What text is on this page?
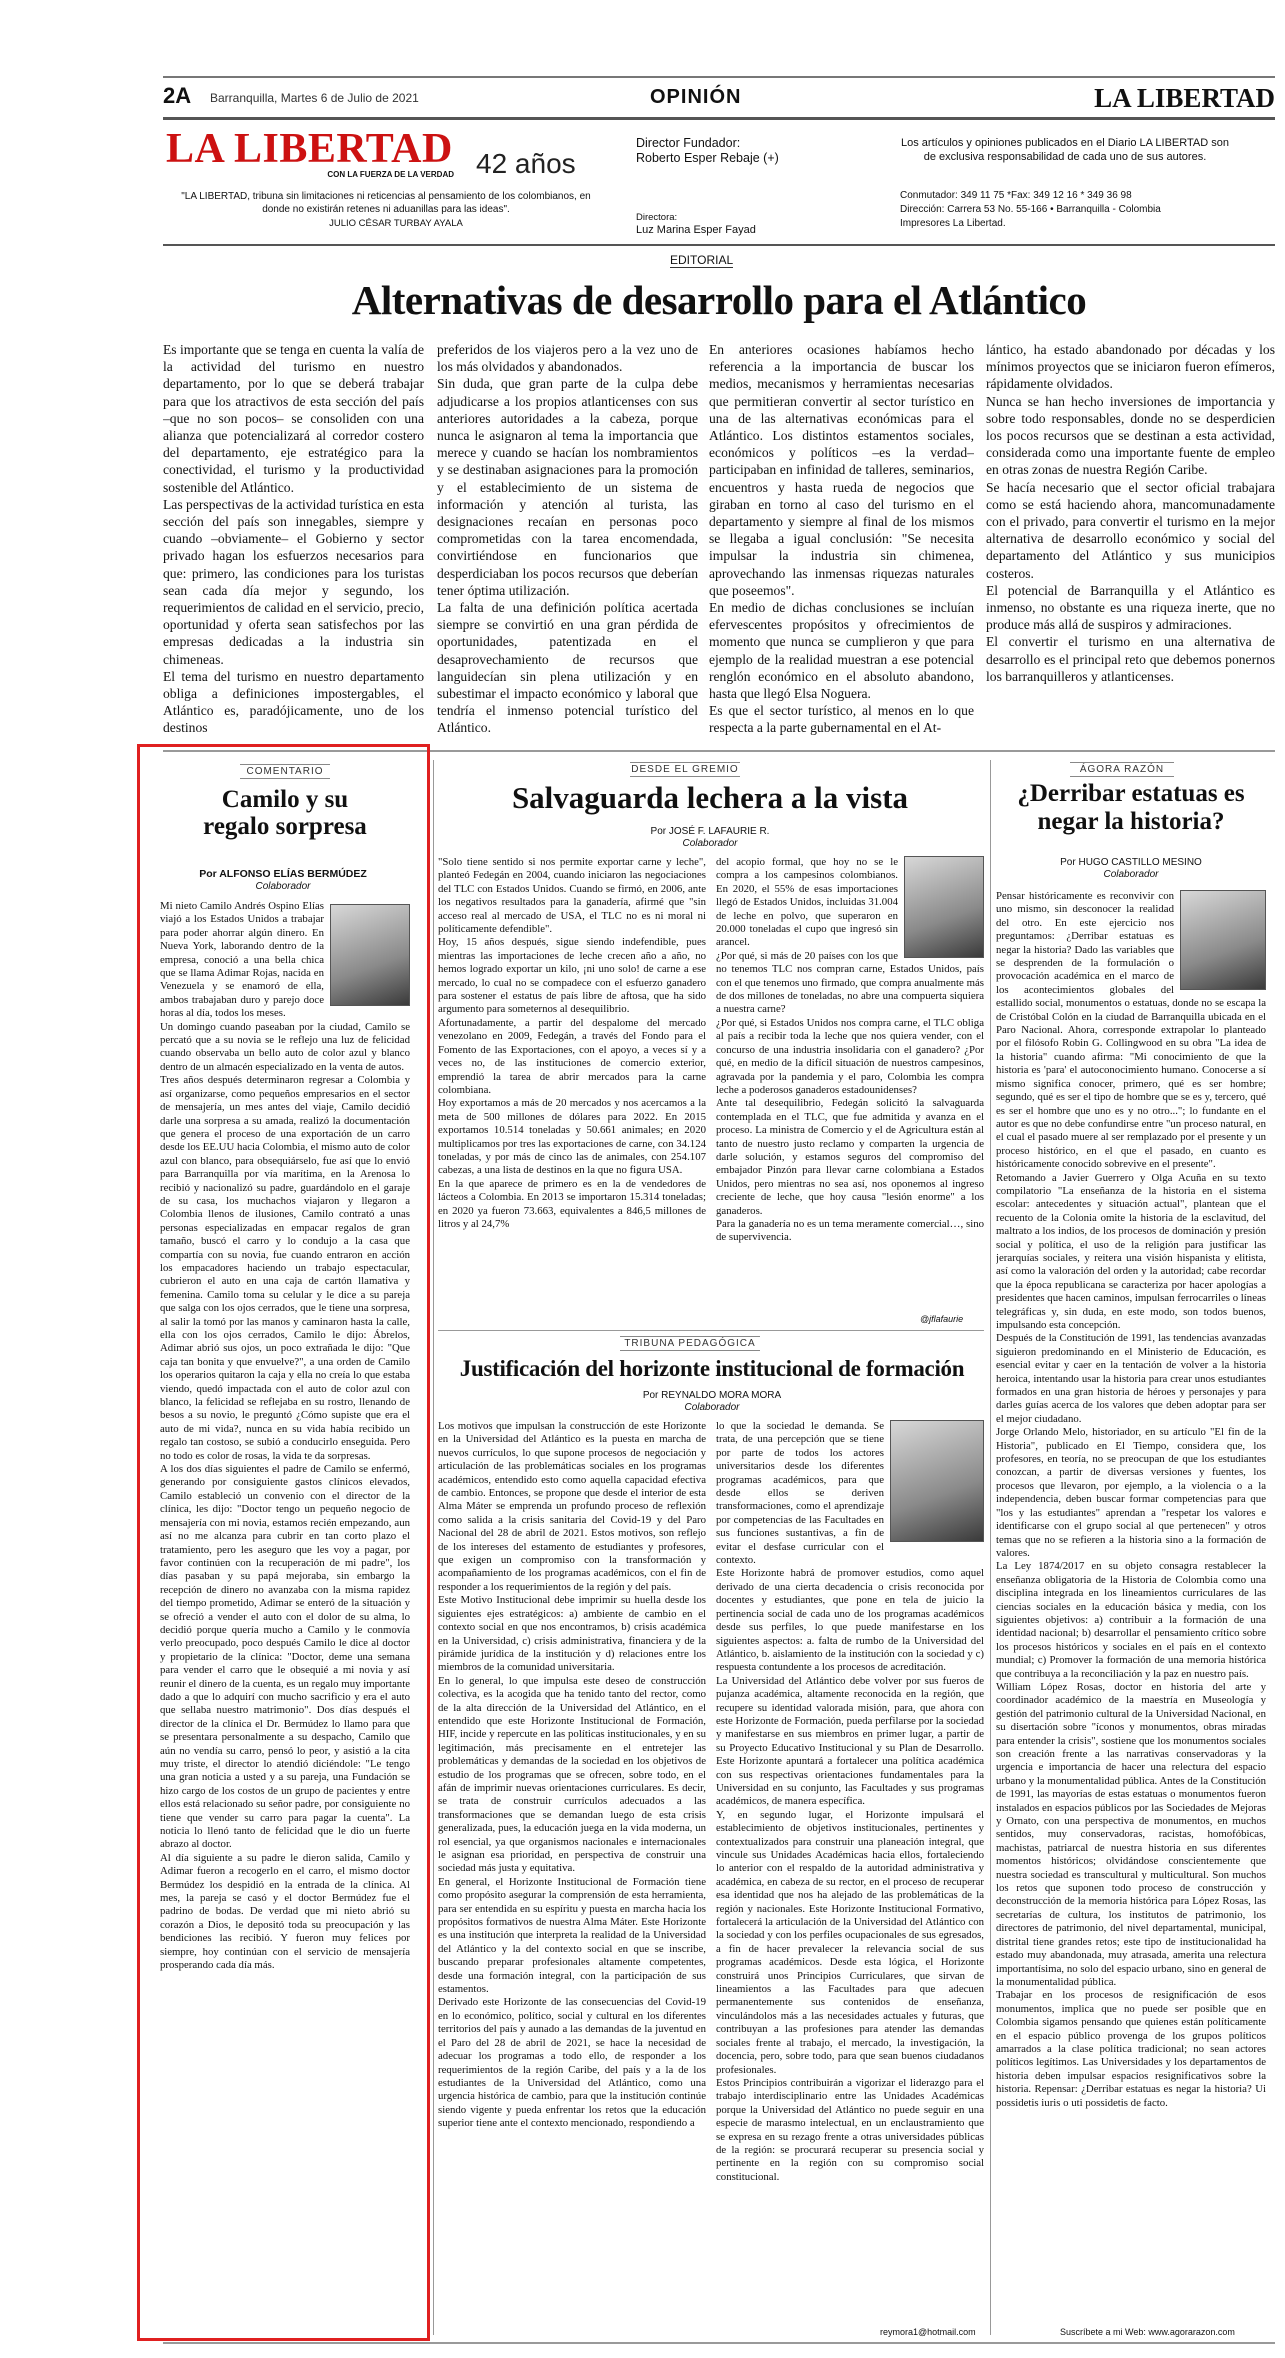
2A Barranquilla, Martes 6 de Julio de 2021	OPINIÓN	LA LIBERTAD
LA LIBERTAD
CON LA FUERZA DE LA VERDAD 42 años
"LA LIBERTAD, tribuna sin limitaciones ni reticencias al pensamiento de los colombianos, en donde no existirán retenes ni aduanillas para las ideas".
JULIO CÉSAR TURBAY AYALA
Director Fundador:
Roberto Esper Rebaje (+)
Directora:
Luz Marina Esper Fayad
Los artículos y opiniones publicados en el Diario LA LIBERTAD son de exclusiva responsabilidad de cada uno de sus autores.
Conmutador: 349 11 75 *Fax: 349 12 16 * 349 36 98
Dirección: Carrera 53 No. 55-166 • Barranquilla - Colombia
Impresores La Libertad.
EDITORIAL
Alternativas de desarrollo para el Atlántico
Es importante que se tenga en cuenta la valía de la actividad del turismo en nuestro departamento, por lo que se deberá trabajar para que los atractivos de esta sección del país –que no son pocos– se consoliden con una alianza que potencializará al corredor costero del departamento, eje estratégico para la conectividad, el turismo y la productividad sostenible del Atlántico.
Las perspectivas de la actividad turística en esta sección del país son innegables, siempre y cuando –obviamente– el Gobierno y sector privado hagan los esfuerzos necesarios para que: primero, las condiciones para los turistas sean cada día mejor y segundo, los requerimientos de calidad en el servicio, precio, oportunidad y oferta sean satisfechos por las empresas dedicadas a la industria sin chimeneas.
El tema del turismo en nuestro departamento obliga a definiciones impostergables, el Atlántico es, paradójicamente, uno de los destinos
preferidos de los viajeros pero a la vez uno de los más olvidados y abandonados.
Sin duda, que gran parte de la culpa debe adjudicarse a los propios atlanticenses con sus anteriores autoridades a la cabeza, porque nunca le asignaron al tema la importancia que merece y cuando se hacían los nombramientos y se destinaban asignaciones para la promoción y el establecimiento de un sistema de información y atención al turista, las designaciones recaían en personas poco comprometidas con la tarea encomendada, convirtiéndose en funcionarios que desperdiciaban los pocos recursos que deberían tener óptima utilización.
La falta de una definición política acertada siempre se convirtió en una gran pérdida de oportunidades, patentizada en el desaprovechamiento de recursos que languidecían sin plena utilización y en subestimar el impacto económico y laboral que tendría el inmenso potencial turístico del Atlántico.
En anteriores ocasiones habíamos hecho referencia a la importancia de buscar los medios, mecanismos y herramientas necesarias que permitieran convertir al sector turístico en una de las alternativas económicas para el Atlántico. Los distintos estamentos sociales, económicos y políticos –es la verdad– participaban en infinidad de talleres, seminarios, encuentros y hasta rueda de negocios que giraban en torno al caso del turismo en el departamento y siempre al final de los mismos se llegaba a igual conclusión: "Se necesita impulsar la industria sin chimenea, aprovechando las inmensas riquezas naturales que poseemos".
En medio de dichas conclusiones se incluían efervescentes propósitos y ofrecimientos de momento que nunca se cumplieron y que para ejemplo de la realidad muestran a ese potencial renglón económico en el absoluto abandono, hasta que llegó Elsa Noguera.
Es que el sector turístico, al menos en lo que respecta a la parte gubernamental en el At-
lántico, ha estado abandonado por décadas y los mínimos proyectos que se iniciaron fueron efímeros, rápidamente olvidados.
Nunca se han hecho inversiones de importancia y sobre todo responsables, donde no se desperdicien los pocos recursos que se destinan a esta actividad, considerada como una importante fuente de empleo en otras zonas de nuestra Región Caribe.
Se hacía necesario que el sector oficial trabajara como se está haciendo ahora, mancomunadamente con el privado, para convertir el turismo en la mejor alternativa de desarrollo económico y social del departamento del Atlántico y sus municipios costeros.
El potencial de Barranquilla y el Atlántico es inmenso, no obstante es una riqueza inerte, que no produce más allá de suspiros y admiraciones.
El convertir el turismo en una alternativa de desarrollo es el principal reto que debemos ponernos los barranquilleros y atlanticenses.
COMENTARIO
Camilo y su regalo sorpresa
Por ALFONSO ELÍAS BERMÚDEZ
Colaborador
Mi nieto Camilo Andrés Ospino Elías viajó a los Estados Unidos a trabajar para poder ahorrar algún dinero. En Nueva York, laborando dentro de la empresa, conoció a una bella chica que se llama Adimar Rojas, nacida en Venezuela y se enamoró de ella, ambos trabajaban duro y parejo doce horas al día, todos los meses.
Un domingo cuando paseaban por la ciudad, Camilo se percató que a su novia se le reflejo una luz de felicidad cuando observaba un bello auto de color azul y blanco dentro de un almacén especializado en la venta de autos.
Tres años después determinaron regresar a Colombia y así organizarse, como pequeños empresarios en el sector de mensajería, un mes antes del viaje, Camilo decidió darle una sorpresa a su amada, realizó la documentación que genera el proceso de una exportación de un carro desde los EE.UU hacia Colombia, el mismo auto de color azul con blanco, para obsequiárselo, fue así que lo envió para Barranquilla por vía marítima, en la Arenosa lo recibió y nacionalizó su padre, guardándolo en el garaje de su casa, los muchachos viajaron y llegaron a Colombia llenos de ilusiones, Camilo contrató a unas personas especializadas en empacar regalos de gran tamaño, buscó el carro y lo condujo a la casa que compartía con su novia, fue cuando entraron en acción los empacadores haciendo un trabajo espectacular, cubrieron el auto en una caja de cartón llamativa y femenina. Camilo toma su celular y le dice a su pareja que salga con los ojos cerrados, que le tiene una sorpresa, al salir la tomó por las manos y caminaron hasta la calle, ella con los ojos cerrados, Camilo le dijo: Ábrelos, Adimar abrió sus ojos, un poco extrañada le dijo: "Que caja tan bonita y que envuelve?", a una orden de Camilo los operarios quitaron la caja y ella no creía lo que estaba viendo, quedó impactada con el auto de color azul con blanco, la felicidad se reflejaba en su rostro, llenando de besos a su novio, le preguntó ¿Cómo supiste que era el auto de mi vida?, nunca en su vida había recibido un regalo tan costoso, se subió a conducirlo enseguida. Pero no todo es color de rosas, la vida te da sorpresas.
A los dos días siguientes el padre de Camilo se enfermó, generando por consiguiente gastos clínicos elevados, Camilo estableció un convenio con el director de la clínica, les dijo: "Doctor tengo un pequeño negocio de mensajería con mi novia, estamos recién empezando, aun así no me alcanza para cubrir en tan corto plazo el tratamiento, pero les aseguro que les voy a pagar, por favor continúen con la recuperación de mi padre", los días pasaban y su papá mejoraba, sin embargo la recepción de dinero no avanzaba con la misma rapidez del tiempo prometido, Adimar se enteró de la situación y se ofreció a vender el auto con el dolor de su alma, lo decidió porque quería mucho a Camilo y le conmovía verlo preocupado, poco después Camilo le dice al doctor y propietario de la clínica: "Doctor, deme una semana para vender el carro que le obsequié a mi novia y así reunir el dinero de la cuenta, es un regalo muy importante dado a que lo adquirí con mucho sacrificio y era el auto que sellaba nuestro matrimonio". Dos días después el director de la clínica el Dr. Bermúdez lo llamo para que se presentara personalmente a su despacho, Camilo que aún no vendía su carro, pensó lo peor, y asistió a la cita muy triste, el director lo atendió diciéndole: "Le tengo una gran noticia a usted y a su pareja, una Fundación se hizo cargo de los costos de un grupo de pacientes y entre ellos está relacionado su señor padre, por consiguiente no tiene que vender su carro para pagar la cuenta". La noticia lo llenó tanto de felicidad que le dio un fuerte abrazo al doctor.
Al día siguiente a su padre le dieron salida, Camilo y Adimar fueron a recogerlo en el carro, el mismo doctor Bermúdez los despidió en la entrada de la clínica. Al mes, la pareja se casó y el doctor Bermúdez fue el padrino de bodas. De verdad que mi nieto abrió su corazón a Dios, le depositó toda su preocupación y las bendiciones las recibió. Y fueron muy felices por siempre, hoy continúan con el servicio de mensajería prosperando cada día más.
DESDE EL GREMIO
Salvaguarda lechera a la vista
Por JOSÉ F. LAFAURIE R.
Colaborador
"Solo tiene sentido si nos permite exportar carne y leche", planteó Fedegán en 2004, cuando iniciaron las negociaciones del TLC con Estados Unidos. Cuando se firmó, en 2006, ante los negativos resultados para la ganadería, afirmé que "sin acceso real al mercado de USA, el TLC no es ni moral ni políticamente defendible".
Hoy, 15 años después, sigue siendo indefendible, pues mientras las importaciones de leche crecen año a año, no hemos logrado exportar un kilo, ¡ni uno solo! de carne a ese mercado, lo cual no se compadece con el esfuerzo ganadero para sostener el estatus de país libre de aftosa, que ha sido argumento para someternos al desequilibrio.
Afortunadamente, a partir del despalome del mercado venezolano en 2009, Fedegán, a través del Fondo para el Fomento de las Exportaciones, con el apoyo, a veces sí y a veces no, de las instituciones de comercio exterior, emprendió la tarea de abrir mercados para la carne colombiana.
Hoy exportamos a más de 20 mercados y nos acercamos a la meta de 500 millones de dólares para 2022. En 2015 exportamos 10.514 toneladas y 50.661 animales; en 2020 multiplicamos por tres las exportaciones de carne, con 34.124 toneladas, y por más de cinco las de animales, con 254.107 cabezas, a una lista de destinos en la que no figura USA.
En la que aparece de primero es en la de vendedores de lácteos a Colombia. En 2013 se importaron 15.314 toneladas; en 2020 ya fueron 73.663, equivalentes a 846,5 millones de litros y al 24,7%
del acopio formal, que hoy no se le compra a los campesinos colombianos. En 2020, el 55% de esas importaciones llegó de Estados Unidos, incluidas 31.004 de leche en polvo, que superaron en 20.000 toneladas el cupo que ingresó sin arancel.
¿Por qué, si más de 20 países con los que no tenemos TLC nos compran carne, Estados Unidos, país con el que tenemos uno firmado, que compra anualmente más de dos millones de toneladas, no abre una compuerta siquiera a nuestra carne?
¿Por qué, si Estados Unidos nos compra carne, el TLC obliga al país a recibir toda la leche que nos quiera vender, con el concurso de una industria insolidaria con el ganadero? ¿Por qué, en medio de la difícil situación de nuestros campesinos, agravada por la pandemia y el paro, Colombia les compra leche a poderosos ganaderos estadounidenses?
Ante tal desequilibrio, Fedegán solicitó la salvaguarda contemplada en el TLC, que fue admitida y avanza en el proceso. La ministra de Comercio y el de Agricultura están al tanto de nuestro justo reclamo y comparten la urgencia de darle solución, y estamos seguros del compromiso del embajador Pinzón para llevar carne colombiana a Estados Unidos, pero mientras no sea así, nos oponemos al ingreso creciente de leche, que hoy causa "lesión enorme" a los ganaderos.
Para la ganadería no es un tema meramente comercial…, sino de supervivencia.
@jflafaurie
TRIBUNA PEDAGÓGICA
Justificación del horizonte institucional de formación
Por REYNALDO MORA MORA
Colaborador
Los motivos que impulsan la construcción de este Horizonte en la Universidad del Atlántico es la puesta en marcha de nuevos currículos, lo que supone procesos de negociación y articulación de las problemáticas sociales en los programas académicos, entendido esto como aquella capacidad efectiva de cambio. Entonces, se propone que desde el interior de esta Alma Máter se emprenda un profundo proceso de reflexión como salida a la crisis sanitaria del Covid-19 y del Paro Nacional del 28 de abril de 2021. Estos motivos, son reflejo de los intereses del estamento de estudiantes y profesores, que exigen un compromiso con la transformación y acompañamiento de los programas académicos, con el fin de responder a los requerimientos de la región y del país.
Este Motivo Institucional debe imprimir su huella desde los siguientes ejes estratégicos: a) ambiente de cambio en el contexto social en que nos encontramos, b) crisis académica en la Universidad, c) crisis administrativa, financiera y de la pirámide jurídica de la institución y d) relaciones entre los miembros de la comunidad universitaria.
En lo general, lo que impulsa este deseo de construcción colectiva, es la acogida que ha tenido tanto del rector, como de la alta dirección de la Universidad del Atlántico, en el entendido que este Horizonte Institucional de Formación, HIF, incide y repercute en las políticas institucionales, y en su legitimación, más precisamente en el entretejer las problemáticas y demandas de la sociedad en los objetivos de estudio de los programas que se ofrecen, sobre todo, en el afán de imprimir nuevas orientaciones curriculares. Es decir, se trata de construir currículos adecuados a las transformaciones que se demandan luego de esta crisis generalizada, pues, la educación juega en la vida moderna, un rol esencial, ya que organismos nacionales e internacionales le asignan esa prioridad, en perspectiva de construir una sociedad más justa y equitativa.
En general, el Horizonte Institucional de Formación tiene como propósito asegurar la comprensión de esta herramienta, para ser entendida en su espíritu y puesta en marcha hacia los propósitos formativos de nuestra Alma Máter. Este Horizonte es una institución que interpreta la realidad de la Universidad del Atlántico y la del contexto social en que se inscribe, buscando preparar profesionales altamente competentes, desde una formación integral, con la participación de sus estamentos.
Derivado este Horizonte de las consecuencias del Covid-19 en lo económico, político, social y cultural en los diferentes territorios del país y aunado a las demandas de la juventud en el Paro del 28 de abril de 2021, se hace la necesidad de adecuar los programas a todo ello, de responder a los requerimientos de la región Caribe, del país y a la de los estudiantes de la Universidad del Atlántico, como una urgencia histórica de cambio, para que la institución continúe siendo vigente y pueda enfrentar los retos que la educación superior tiene ante el contexto mencionado, respondiendo a
lo que la sociedad le demanda. Se trata, de una percepción que se tiene por parte de todos los actores universitarios desde los diferentes programas académicos, para que desde ellos se deriven transformaciones, como el aprendizaje por competencias de las Facultades en sus funciones sustantivas, a fin de evitar el desfase curricular con el contexto.
Este Horizonte habrá de promover estudios, como aquel derivado de una cierta decadencia o crisis reconocida por docentes y estudiantes, que pone en tela de juicio la pertinencia social de cada uno de los programas académicos desde sus perfiles, lo que puede manifestarse en los siguientes aspectos: a. falta de rumbo de la Universidad del Atlántico, b. aislamiento de la institución con la sociedad y c) respuesta contundente a los procesos de acreditación.
La Universidad del Atlántico debe volver por sus fueros de pujanza académica, altamente reconocida en la región, que recupere su identidad valorada misión, para, que ahora con este Horizonte de Formación, pueda perfilarse por la sociedad y manifestarse en sus miembros en primer lugar, a partir de su Proyecto Educativo Institucional y su Plan de Desarrollo. Este Horizonte apuntará a fortalecer una política académica con sus respectivas orientaciones fundamentales para la Universidad en su conjunto, las Facultades y sus programas académicos, de manera específica.
Y, en segundo lugar, el Horizonte impulsará el establecimiento de objetivos institucionales, pertinentes y contextualizados para construir una planeación integral, que vincule sus Unidades Académicas hacia ellos, fortaleciendo lo anterior con el respaldo de la autoridad administrativa y académica, en cabeza de su rector, en el proceso de recuperar esa identidad que nos ha alejado de las problemáticas de la región y nacionales. Este Horizonte Institucional Formativo, fortalecerá la articulación de la Universidad del Atlántico con la sociedad y con los perfiles ocupacionales de sus egresados, a fin de hacer prevalecer la relevancia social de sus programas académicos. Desde esta lógica, el Horizonte construirá unos Principios Curriculares, que sirvan de lineamientos a las Facultades para que adecuen permanentemente sus contenidos de enseñanza, vinculándolos más a las necesidades actuales y futuras, que contribuyan a las profesiones para atender las demandas sociales frente al trabajo, el mercado, la investigación, la docencia, pero, sobre todo, para que sean buenos ciudadanos profesionales.
Estos Principios contribuirán a vigorizar el liderazgo para el trabajo interdisciplinario entre las Unidades Académicas porque la Universidad del Atlántico no puede seguir en una especie de marasmo intelectual, en un enclaustramiento que se expresa en su rezago frente a otras universidades públicas de la región: se procurará recuperar su presencia social y pertinente en la región con su compromiso social constitucional.
reymora1@hotmail.com
ÁGORA RAZÓN
¿Derribar estatuas es negar la historia?
Por HUGO CASTILLO MESINO
Colaborador
Pensar históricamente es reconvivir con uno mismo, sin desconocer la realidad del otro. En este ejercicio nos preguntamos: ¿Derribar estatuas es negar la historia? Dado las variables que se desprenden de la formulación o provocación académica en el marco de los acontecimientos globales del estallido social, monumentos o estatuas, donde no se escapa la de Cristóbal Colón en la ciudad de Barranquilla ubicada en el Paro Nacional. Ahora, corresponde extrapolar lo planteado por el filósofo Robin G. Collingwood en su obra "La idea de la historia" cuando afirma: "Mi conocimiento de que la historia es 'para' el autoconocimiento humano. Conocerse a sí mismo significa conocer, primero, qué es ser hombre; segundo, qué es ser el tipo de hombre que se es y, tercero, qué es ser el hombre que uno es y no otro..."; lo fundante en el autor es que no debe confundirse entre "un proceso natural, en el cual el pasado muere al ser remplazado por el presente y un proceso histórico, en el que el pasado, en cuanto es históricamente conocido sobrevive en el presente".
Retomando a Javier Guerrero y Olga Acuña en su texto compilatorio "La enseñanza de la historia en el sistema escolar: antecedentes y situación actual", plantean que el recuento de la Colonia omite la historia de la esclavitud, del maltrato a los indios, de los procesos de dominación y presión social y política, el uso de la religión para justificar las jerarquías sociales, y reitera una visión hispanista y elitista, así como la valoración del orden y la autoridad; cabe recordar que la época republicana se caracteriza por hacer apologías a presidentes que hacen caminos, impulsan ferrocarriles o líneas telegráficas y, sin duda, en este modo, son todos buenos, impulsando esta concepción.
Después de la Constitución de 1991, las tendencias avanzadas siguieron predominando en el Ministerio de Educación, es esencial evitar y caer en la tentación de volver a la historia heroica, intentando usar la historia para crear unos estudiantes formados en una gran historia de héroes y personajes y para darles guías acerca de los valores que deben adoptar para ser el mejor ciudadano.
Jorge Orlando Melo, historiador, en su artículo "El fin de la Historia", publicado en El Tiempo, considera que, los profesores, en teoría, no se preocupan de que los estudiantes conozcan, a partir de diversas versiones y fuentes, los procesos que llevaron, por ejemplo, a la violencia o a la independencia, deben buscar formar competencias para que "los y las estudiantes" aprendan a "respetar los valores e identificarse con el grupo social al que pertenecen" y otros temas que no se refieren a la historia sino a la formación de valores.
La Ley 1874/2017 en su objeto consagra restablecer la enseñanza obligatoria de la Historia de Colombia como una disciplina integrada en los lineamientos curriculares de las ciencias sociales en la educación básica y media, con los siguientes objetivos: a) contribuir a la formación de una identidad nacional; b) desarrollar el pensamiento crítico sobre los procesos históricos y sociales en el país en el contexto mundial; c) Promover la formación de una memoria histórica que contribuya a la reconciliación y la paz en nuestro país.
William López Rosas, doctor en historia del arte y coordinador académico de la maestría en Museología y gestión del patrimonio cultural de la Universidad Nacional, en su disertación sobre "íconos y monumentos, obras miradas para entender la crisis", sostiene que los monumentos sociales son creación frente a las narrativas conservadoras y la urgencia e importancia de hacer una relectura del espacio urbano y la monumentalidad pública. Antes de la Constitución de 1991, las mayorías de estas estatuas o monumentos fueron instalados en espacios públicos por las Sociedades de Mejoras y Ornato, con una perspectiva de monumentos, en muchos sentidos, muy conservadoras, racistas, homofóbicas, machistas, patriarcal de nuestra historia en sus diferentes momentos históricos; olvidándose conscientemente que nuestra sociedad es transcultural y multicultural. Son muchos los retos que suponen todo proceso de construcción y deconstrucción de la memoria histórica para López Rosas, las secretarías de cultura, los institutos de patrimonio, los directores de patrimonio, del nivel departamental, municipal, distrital tiene grandes retos; este tipo de institucionalidad ha estado muy abandonada, muy atrasada, amerita una relectura importantísima, no solo del espacio urbano, sino en general de la monumentalidad pública.
Trabajar en los procesos de resignificación de esos monumentos, implica que no puede ser posible que en Colombia sigamos pensando que quienes están políticamente en el espacio público provenga de los grupos políticos amarrados a la clase política tradicional; no sean actores políticos legítimos. Las Universidades y los departamentos de historia deben impulsar espacios resignificativos sobre la historia. Repensar: ¿Derribar estatuas es negar la historia? Ui possidetis iuris o uti possidetis de facto.
Suscríbete a mi Web: www.agorarazon.com
